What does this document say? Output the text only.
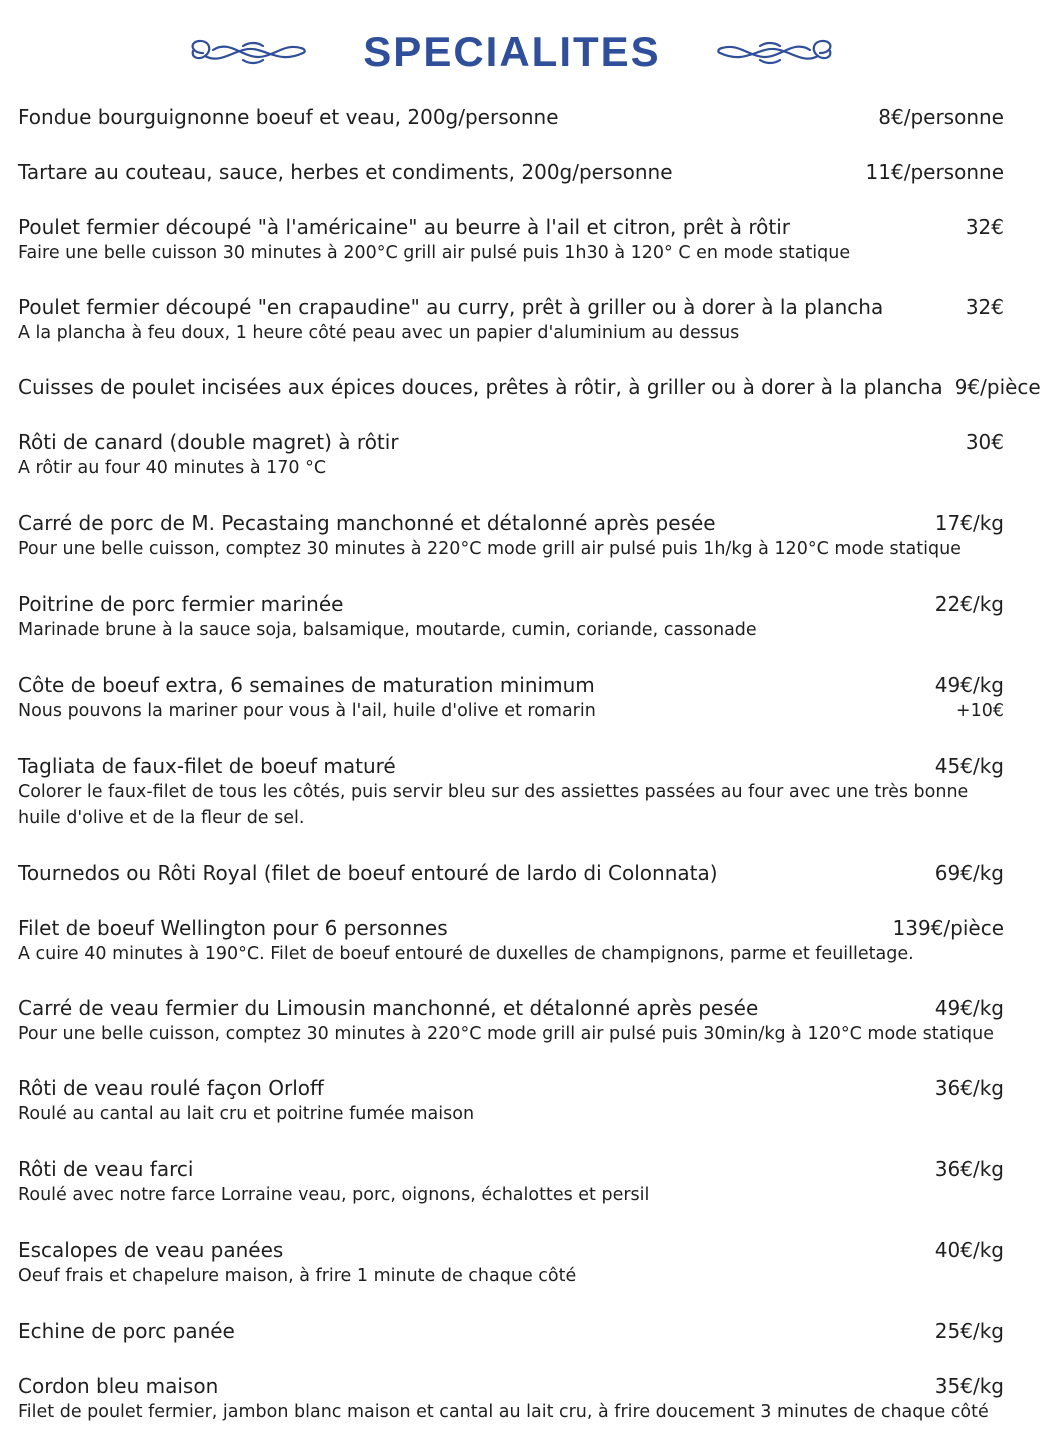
SPECIALITES
Fondue bourguignonne boeuf et veau, 200g/personne	8€/personne
Tartare au couteau, sauce, herbes et condiments, 200g/personne	11€/personne
Poulet fermier découpé "à l'américaine" au beurre à l'ail et citron, prêt à rôtir	32€
Faire une belle cuisson 30 minutes à 200°C grill air pulsé puis 1h30 à 120° C en mode statique
Poulet fermier découpé "en crapaudine" au curry, prêt à griller ou à dorer à la plancha	32€
A la plancha à feu doux, 1 heure côté peau avec un papier d'aluminium au dessus
Cuisses de poulet incisées aux épices douces, prêtes à rôtir, à griller ou à dorer à la plancha 9€/pièce
Rôti de canard (double magret) à rôtir	30€
A rôtir au four 40 minutes à 170 °C
Carré de porc de M. Pecastaing manchonné et détalonné après pesée	17€/kg
Pour une belle cuisson, comptez 30 minutes à 220°C mode grill air pulsé puis 1h/kg à 120°C mode statique
Poitrine de porc fermier marinée	22€/kg
Marinade brune à la sauce soja, balsamique, moutarde, cumin, coriande, cassonade
Côte de boeuf extra, 6 semaines de maturation minimum	49€/kg
Nous pouvons la mariner pour vous à l'ail, huile d'olive et romarin	+10€
Tagliata de faux-filet de boeuf maturé	45€/kg
Colorer le faux-filet de tous les côtés, puis servir bleu sur des assiettes passées au four avec une très bonne
huile d'olive et de la fleur de sel.
Tournedos ou Rôti Royal (filet de boeuf entouré de lardo di Colonnata)	69€/kg
Filet de boeuf Wellington pour 6 personnes	139€/pièce
A cuire 40 minutes à 190°C. Filet de boeuf entouré de duxelles de champignons, parme et feuilletage.
Carré de veau fermier du Limousin manchonné, et détalonné après pesée	49€/kg
Pour une belle cuisson, comptez 30 minutes à 220°C mode grill air pulsé puis 30min/kg à 120°C mode statique
Rôti de veau roulé façon Orloff	36€/kg
Roulé au cantal au lait cru et poitrine fumée maison
Rôti de veau farci	36€/kg
Roulé avec notre farce Lorraine veau, porc, oignons, échalottes et persil
Escalopes de veau panées	40€/kg
Oeuf frais et chapelure maison, à frire 1 minute de chaque côté
Echine de porc panée	25€/kg
Cordon bleu maison	35€/kg
Filet de poulet fermier, jambon blanc maison et cantal au lait cru, à frire doucement 3 minutes de chaque côté
